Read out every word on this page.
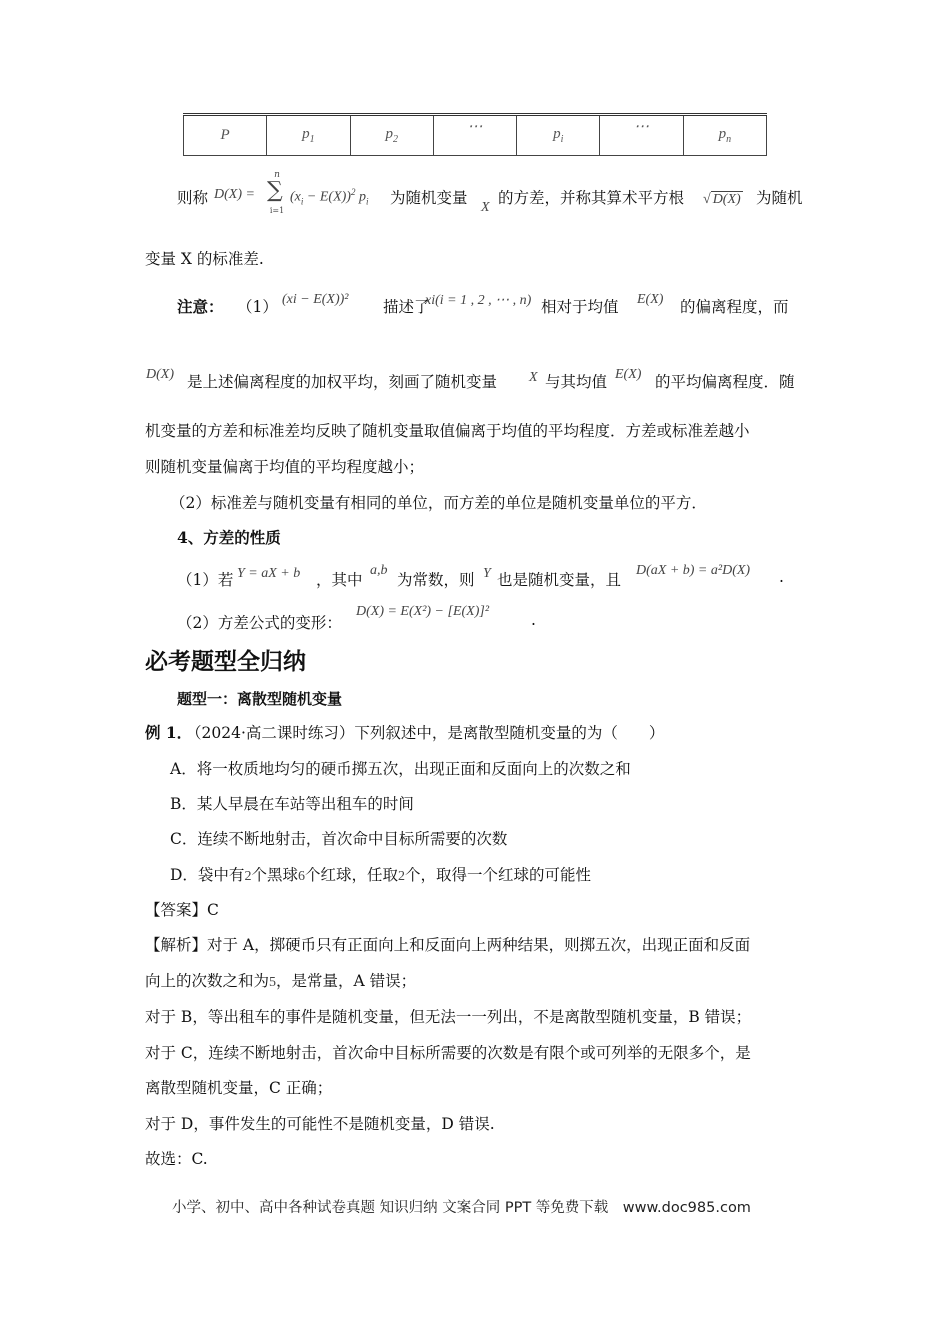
P	$p_1$	$p_2$	⋯	$p_i$	⋯	$p_n$
则称 D(X) =
n
∑
i=1
$(x_i - E(X))^2$ $p_i$ 为随机变量
X
的方差，并称其算术平方根 √ D(X) 为随机
变量 X 的标准差.
注意： （1） (xi − E(X))² 描述了
xi(i = 1 , 2 , ⋯ , n) 相对于均值 E(X) 的偏离程度，而
D(X) 是上述偏离程度的加权平均，刻画了随机变量 X 与其均值 E(X) 的平均偏离程度．随
机变量的方差和标准差均反映了随机变量取值偏离于均值的平均程度．方差或标准差越小
则随机变量偏离于均值的平均程度越小；
（2）标准差与随机变量有相同的单位，而方差的单位是随机变量单位的平方．
4、方差的性质
（1）若 Y = aX + b ，其中
a,b
为常数，则 Y 也是随机变量，且
D(aX + b) = a²D(X) .
（2）方差公式的变形：
D(X) = E(X²) − [E(X)]²	.
必考题型全归纳
题型一：离散型随机变量
例 1．
（2024·高二课时练习）下列叙述中，是离散型随机变量的为（　　）
A．将一枚质地均匀的硬币掷五次，出现正面和反面向上的次数之和
B．某人早晨在车站等出租车的时间
C．连续不断地射击，首次命中目标所需要的次数
D．袋中有2个黑球6个红球，任取2个，取得一个红球的可能性
【答案】C
【解析】对于 A，掷硬币只有正面向上和反面向上两种结果，则掷五次，出现正面和反面
向上的次数之和为5，是常量，A 错误；
对于 B，等出租车的事件是随机变量，但无法一一列出，不是离散型随机变量，B 错误；
对于 C，连续不断地射击，首次命中目标所需要的次数是有限个或可列举的无限多个，是
离散型随机变量，C 正确；
对于 D，事件发生的可能性不是随机变量，D 错误.
故选：C.
小学、初中、高中各种试卷真题 知识归纳 文案合同 PPT 等免费下载　www.doc985.com
